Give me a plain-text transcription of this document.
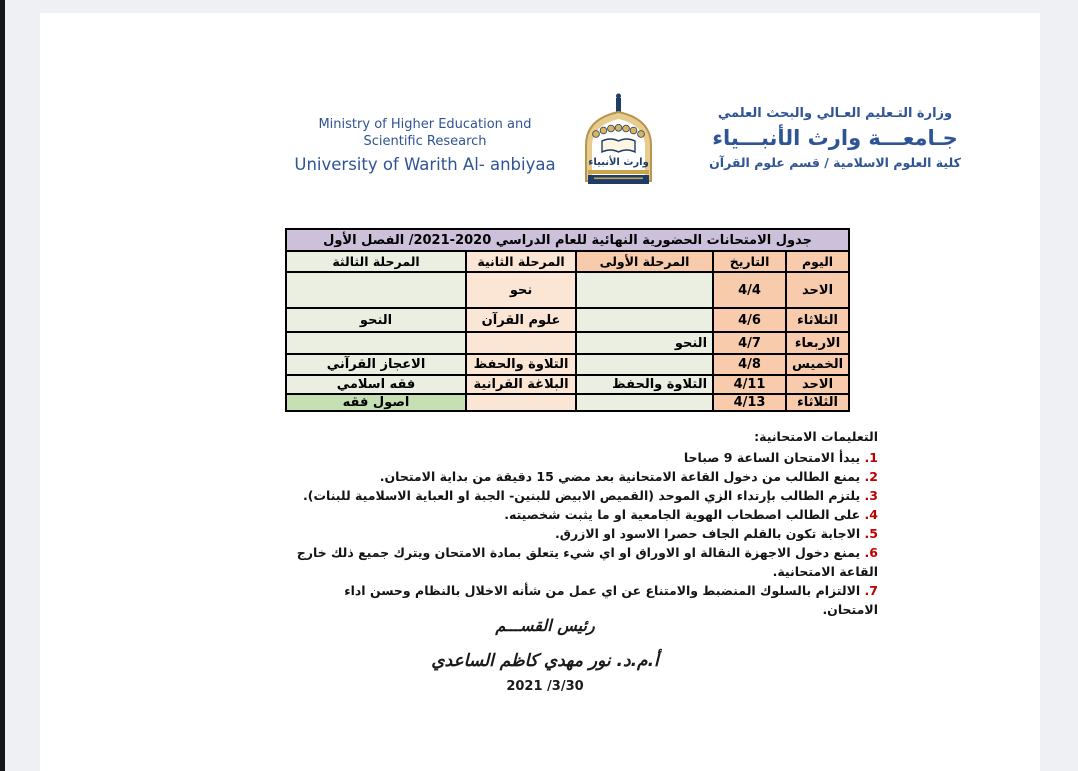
Ministry of Higher Education and
Scientific Research
University of Warith Al- anbiyaa	وارث الأنبياء
وزارة التـعليم العـالي والبحث العلمي
جـامعـــة وارث الأنبـــياء
كلية العلوم الاسلامية / قسم علوم القرآن
جدول الامتحانات الحضورية النهائية للعام الدراسي 2020-2021/ الفصل الأول				
اليوم	التاريخ	المرحلة الأولى	المرحلة الثانية	المرحلة الثالثة
الاحد	4/4		نحو	
الثلاثاء	4/6		علوم القرآن	النحو
الاربعاء	4/7	النحو		
الخميس	4/8		التلاوة والحفظ	الاعجاز القرآني
الاحد	4/11	التلاوة والحفظ	البلاغة القرانية	فقه اسلامي
الثلاثاء	4/13			اصول فقه
التعليمات الامتحانية:
1. يبدأ الامتحان الساعة 9 صباحا
2. يمنع الطالب من دخول القاعة الامتحانية بعد مضي 15 دقيقة من بداية الامتحان.
3. يلتزم الطالب بإرتداء الزي الموحد (القميص الابيض للبنين- الجبة او العباية الاسلامية للبنات).
4. على الطالب اصطحاب الهوية الجامعية او ما يثبت شخصيته.
5. الاجابة تكون بالقلم الجاف حصرا الاسود او الازرق.
6. يمنع دخول الاجهزة النقالة او الاوراق او اي شيء يتعلق بمادة الامتحان ويترك جميع ذلك خارج القاعة الامتحانية.
7. الالتزام بالسلوك المنضبط والامتناع عن اي عمل من شأنه الاخلال بالنظام وحسن اداء الامتحان.
رئيس القســـم
أ.م.د. نور مهدي كاظم الساعدي
2021 /3/30
